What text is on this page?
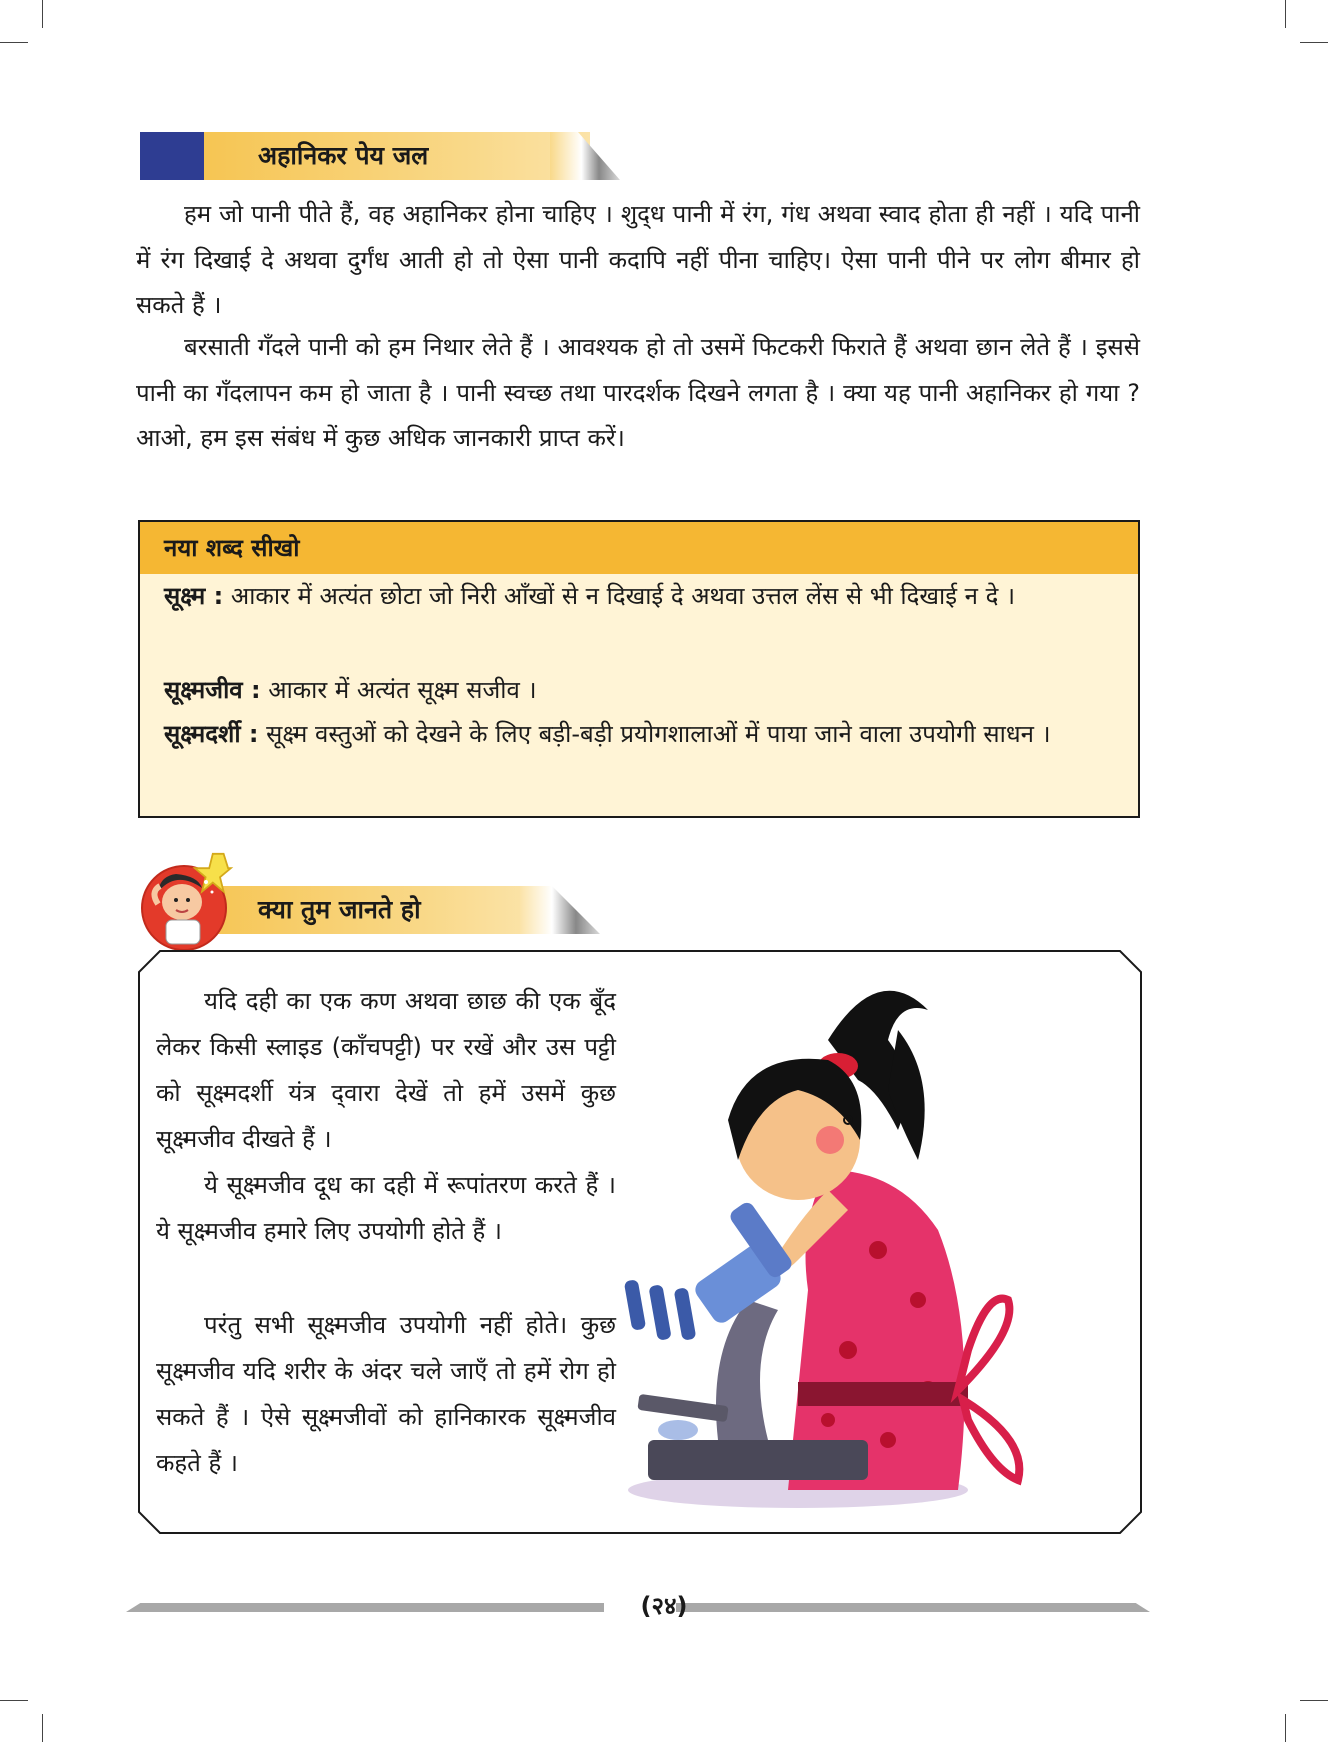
अहानिकर पेय जल
हम जो पानी पीते हैं, वह अहानिकर होना चाहिए । शुद्‌ध पानी में रंग, गंध अथवा स्वाद होता ही नहीं । यदि पानी में रंग दिखाई दे अथवा दुर्गंध आती हो तो ऐसा पानी कदापि नहीं पीना चाहिए। ऐसा पानी पीने पर लोग बीमार हो सकते हैं ।
बरसाती गँदले पानी को हम निथार लेते हैं । आवश्यक हो तो उसमें फिटकरी फिराते हैं अथवा छान लेते हैं । इससे पानी का गँदलापन कम हो जाता है । पानी स्वच्छ तथा पारदर्शक दिखने लगता है । क्या यह पानी अहानिकर हो गया ? आओ, हम इस संबंध में कुछ अधिक जानकारी प्राप्त करें।
नया शब्द सीखो
सूक्ष्म : आकार में अत्यंत छोटा जो निरी आँखों से न दिखाई दे अथवा उत्तल लेंस से भी दिखाई न दे ।
सूक्ष्मजीव : आकार में अत्यंत सूक्ष्म सजीव ।
सूक्ष्मदर्शी : सूक्ष्म वस्तुओं को देखने के लिए बड़ी-बड़ी प्रयोगशालाओं में पाया जाने वाला उपयोगी साधन ।
क्या तुम जानते हो
यदि दही का एक कण अथवा छाछ की एक बूँद लेकर किसी स्लाइड (काँचपट्टी) पर रखें और उस पट्टी को सूक्ष्मदर्शी यंत्र द्‌वारा देखें तो हमें उसमें कुछ सूक्ष्मजीव दीखते हैं ।
ये सूक्ष्मजीव दूध का दही में रूपांतरण करते हैं । ये सूक्ष्मजीव हमारे लिए उपयोगी होते हैं ।
परंतु सभी सूक्ष्मजीव उपयोगी नहीं होते। कुछ सूक्ष्मजीव यदि शरीर के अंदर चले जाएँ तो हमें रोग हो सकते हैं । ऐसे सूक्ष्मजीवों को हानिकारक सूक्ष्मजीव कहते हैं ।
(२४)
